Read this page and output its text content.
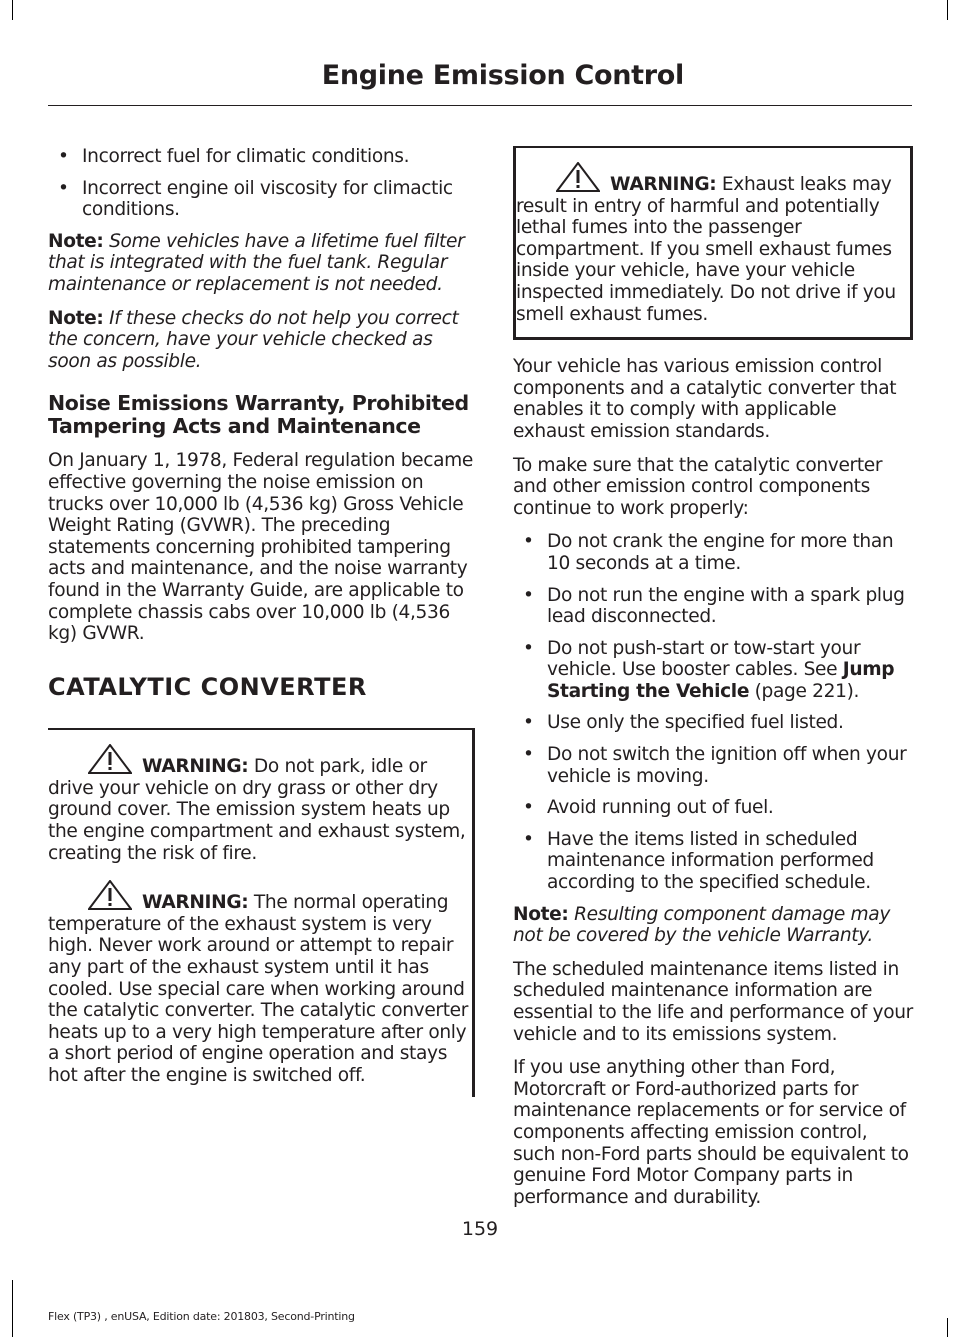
Engine Emission Control
• Incorrect fuel for climatic conditions.
• Incorrect engine oil viscosity for climactic conditions.

Note: Some vehicles have a lifetime fuel filter that is integrated with the fuel tank. Regular maintenance or replacement is not needed.

Note: If these checks do not help you correct the concern, have your vehicle checked as soon as possible.

Noise Emissions Warranty, Prohibited Tampering Acts and Maintenance

On January 1, 1978, Federal regulation became effective governing the noise emission on trucks over 10,000 lb (4,536 kg) Gross Vehicle Weight Rating (GVWR). The preceding statements concerning prohibited tampering acts and maintenance, and the noise warranty found in the Warranty Guide, are applicable to complete chassis cabs over 10,000 lb (4,536 kg) GVWR.

CATALYTIC CONVERTER

WARNING: Do not park, idle or drive your vehicle on dry grass or other dry ground cover. The emission system heats up the engine compartment and exhaust system, creating the risk of fire.

WARNING: The normal operating temperature of the exhaust system is very high. Never work around or attempt to repair any part of the exhaust system until it has cooled. Use special care when working around the catalytic converter. The catalytic converter heats up to a very high temperature after only a short period of engine operation and stays hot after the engine is switched off.

WARNING: Exhaust leaks may result in entry of harmful and potentially lethal fumes into the passenger compartment. If you smell exhaust fumes inside your vehicle, have your vehicle inspected immediately. Do not drive if you smell exhaust fumes.

Your vehicle has various emission control components and a catalytic converter that enables it to comply with applicable exhaust emission standards.

To make sure that the catalytic converter and other emission control components continue to work properly:

• Do not crank the engine for more than 10 seconds at a time.
• Do not run the engine with a spark plug lead disconnected.
• Do not push-start or tow-start your vehicle. Use booster cables. See Jump Starting the Vehicle (page 221).
• Use only the specified fuel listed.
• Do not switch the ignition off when your vehicle is moving.
• Avoid running out of fuel.
• Have the items listed in scheduled maintenance information performed according to the specified schedule.

Note: Resulting component damage may not be covered by the vehicle Warranty.

The scheduled maintenance items listed in scheduled maintenance information are essential to the life and performance of your vehicle and to its emissions system.

If you use anything other than Ford, Motorcraft or Ford-authorized parts for maintenance replacements or for service of components affecting emission control, such non-Ford parts should be equivalent to genuine Ford Motor Company parts in performance and durability.

159
Flex (TP3) , enUSA, Edition date: 201803, Second-Printing
